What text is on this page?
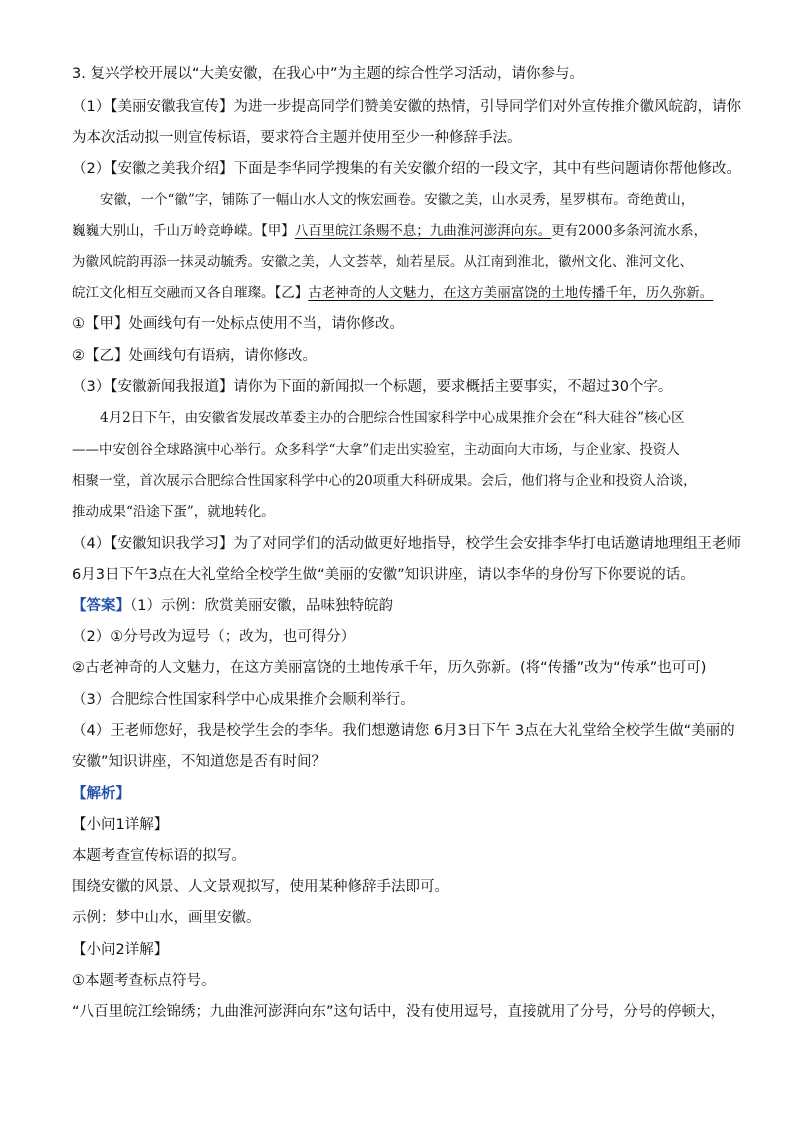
3. 复兴学校开展以“大美安徽，在我心中”为主题的综合性学习活动，请你参与。
（1）【美丽安徽我宣传】为进一步提高同学们赞美安徽的热情，引导同学们对外宣传推介徽风皖韵，请你
为本次活动拟一则宣传标语，要求符合主题并使用至少一种修辞手法。
（2）【安徽之美我介绍】下面是李华同学搜集的有关安徽介绍的一段文字，其中有些问题请你帮他修改。
安徽，一个“徽”字，铺陈了一幅山水人文的恢宏画卷。安徽之美，山水灵秀，星罗棋布。奇绝黄山，
巍巍大别山，千山万岭竞峥嵘。【甲】八百里皖江条赐不息；九曲淮河澎湃向东。更有2000多条河流水系，
为徽风皖韵再添一抹灵动毓秀。安徽之美，人文荟萃，灿若星辰。从江南到淮北，徽州文化、淮河文化、
皖江文化相互交融而又各自璀璨。【乙】古老神奇的人文魅力，在这方美丽富饶的土地传播千年，历久弥新。
①【甲】处画线句有一处标点使用不当，请你修改。
②【乙】处画线句有语病，请你修改。
（3）【安徽新闻我报道】请你为下面的新闻拟一个标题，要求概括主要事实，不超过30个字。
4月2日下午，由安徽省发展改革委主办的合肥综合性国家科学中心成果推介会在“科大硅谷”核心区
——中安创谷全球路演中心举行。众多科学“大拿”们走出实验室，主动面向大市场，与企业家、投资人
相聚一堂，首次展示合肥综合性国家科学中心的20项重大科研成果。会后，他们将与企业和投资人洽谈，
推动成果“沿途下蛋”，就地转化。
（4）【安徽知识我学习】为了对同学们的活动做更好地指导，校学生会安排李华打电话邀请地理组王老师
6月3日下午3点在大礼堂给全校学生做“美丽的安徽”知识讲座，请以李华的身份写下你要说的话。
【答案】（1）示例：欣赏美丽安徽，品味独特皖韵
（2）①分号改为逗号（；改为，也可得分）
②古老神奇的人文魅力，在这方美丽富饶的土地传承千年，历久弥新。(将“传播”改为“传承”也可可)
（3）合肥综合性国家科学中心成果推介会顺利举行。
（4）王老师您好，我是校学生会的李华。我们想邀请您 6月3日下午 3点在大礼堂给全校学生做“美丽的
安徽”知识讲座，不知道您是否有时间？
【解析】
【小问1详解】
本题考查宣传标语的拟写。
围绕安徽的风景、人文景观拟写，使用某种修辞手法即可。
示例：梦中山水，画里安徽。
【小问2详解】
①本题考查标点符号。
“八百里皖江绘锦绣；九曲淮河澎湃向东”这句话中，没有使用逗号，直接就用了分号，分号的停顿大，
